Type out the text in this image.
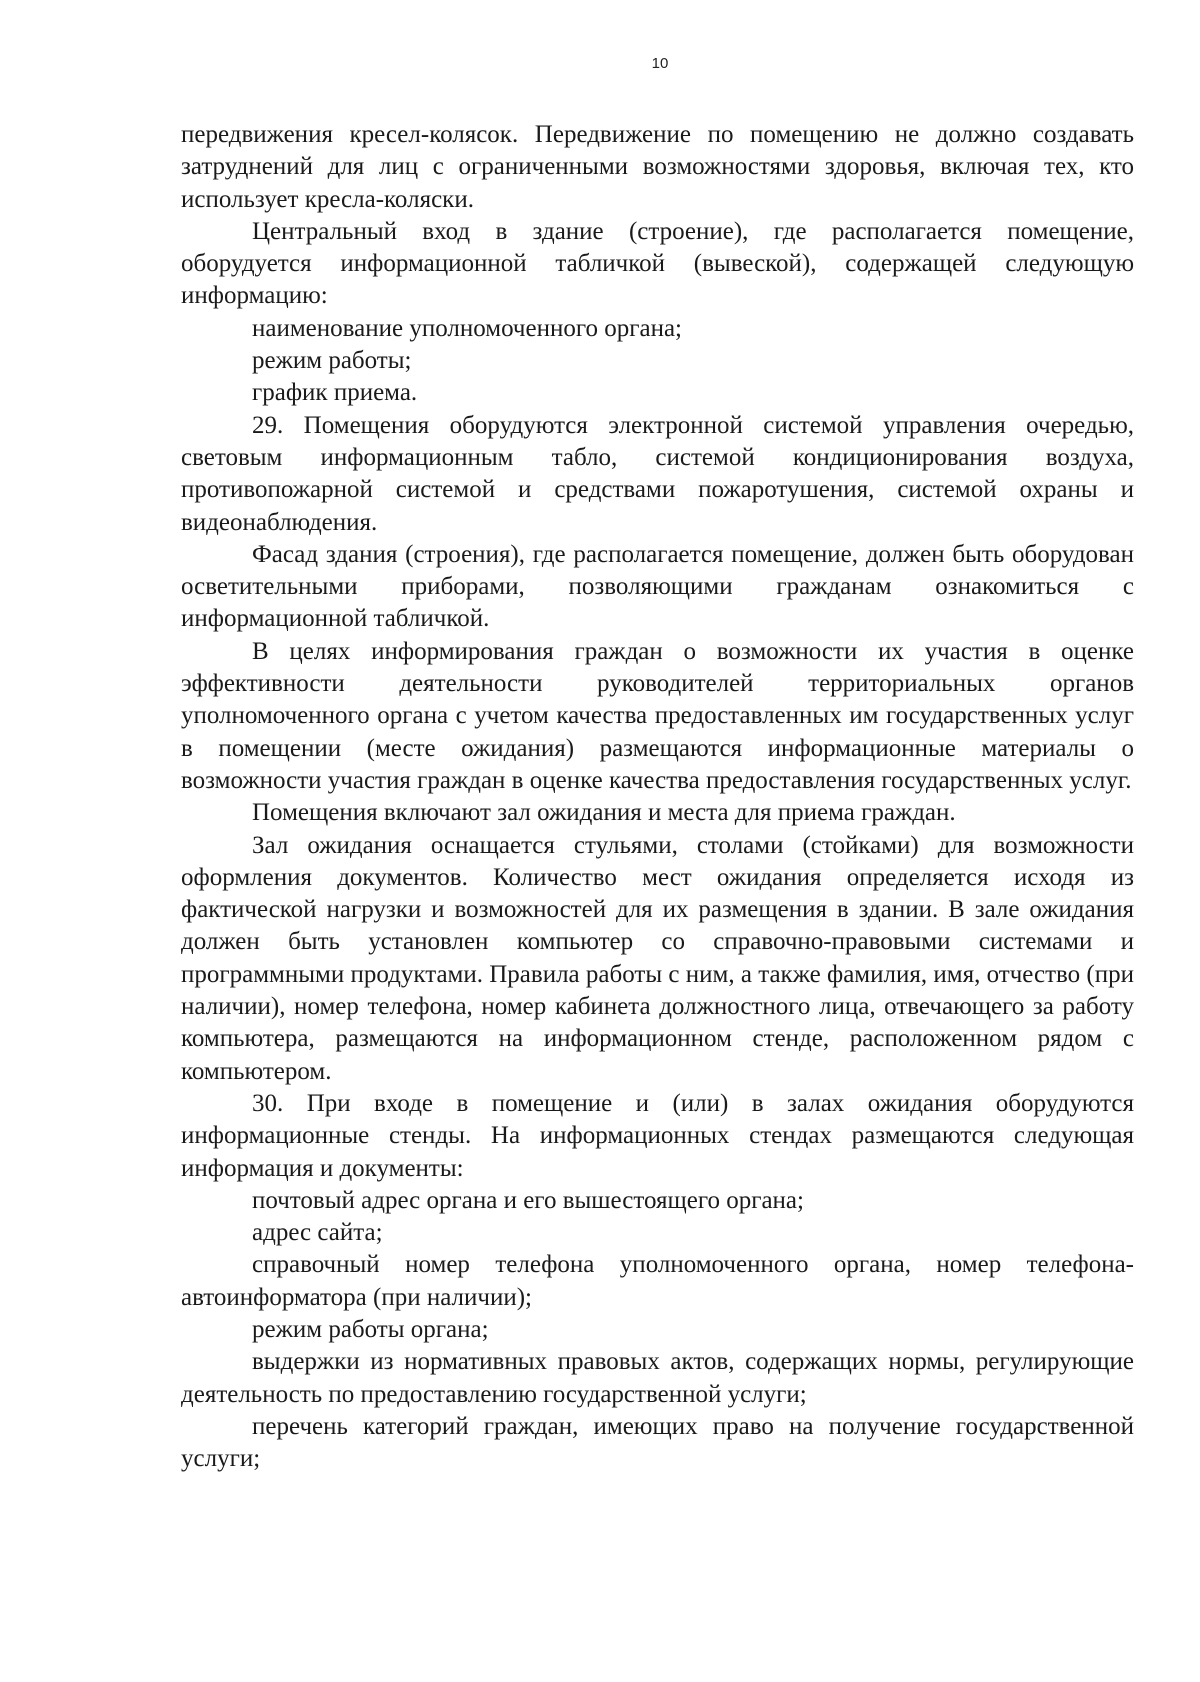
10

передвижения кресел-колясок. Передвижение по помещению не должно создавать затруднений для лиц с ограниченными возможностями здоровья, включая тех, кто использует кресла-коляски.

Центральный вход в здание (строение), где располагается помещение, оборудуется информационной табличкой (вывеской), содержащей следующую информацию:

наименование уполномоченного органа;

режим работы;

график приема.

29. Помещения оборудуются электронной системой управления очередью, световым информационным табло, системой кондиционирования воздуха, противопожарной системой и средствами пожаротушения, системой охраны и видеонаблюдения.

Фасад здания (строения), где располагается помещение, должен быть оборудован осветительными приборами, позволяющими гражданам ознакомиться с информационной табличкой.

В целях информирования граждан о возможности их участия в оценке эффективности деятельности руководителей территориальных органов уполномоченного органа с учетом качества предоставленных им государственных услуг в помещении (месте ожидания) размещаются информационные материалы о возможности участия граждан в оценке качества предоставления государственных услуг.

Помещения включают зал ожидания и места для приема граждан.

Зал ожидания оснащается стульями, столами (стойками) для возможности оформления документов. Количество мест ожидания определяется исходя из фактической нагрузки и возможностей для их размещения в здании. В зале ожидания должен быть установлен компьютер со справочно-правовыми системами и программными продуктами. Правила работы с ним, а также фамилия, имя, отчество (при наличии), номер телефона, номер кабинета должностного лица, отвечающего за работу компьютера, размещаются на информационном стенде, расположенном рядом с компьютером.

30. При входе в помещение и (или) в залах ожидания оборудуются информационные стенды. На информационных стендах размещаются следующая информация и документы:

почтовый адрес органа и его вышестоящего органа;

адрес сайта;

справочный номер телефона уполномоченного органа, номер телефона-автоинформатора (при наличии);

режим работы органа;

выдержки из нормативных правовых актов, содержащих нормы, регулирующие деятельность по предоставлению государственной услуги;

перечень категорий граждан, имеющих право на получение государственной услуги;
